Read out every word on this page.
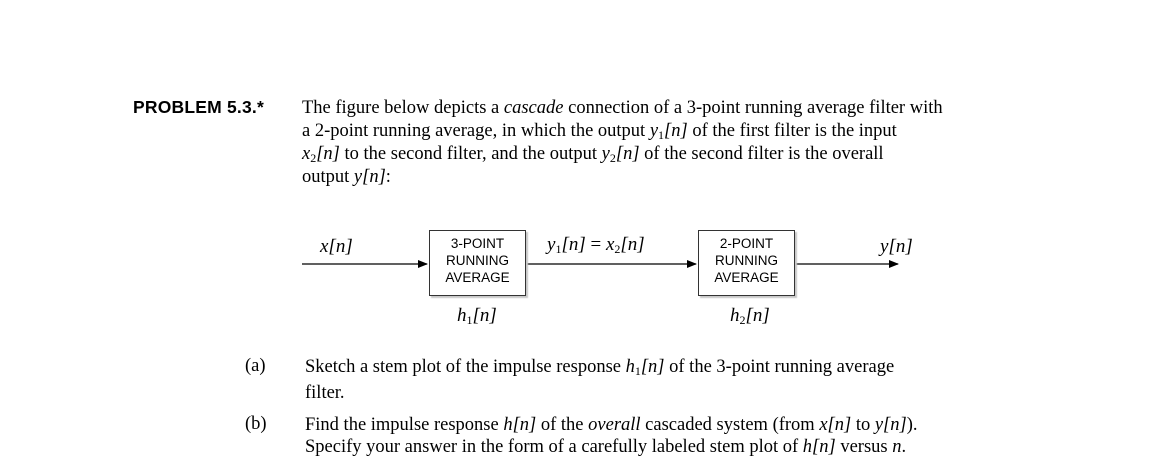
PROBLEM 5.3.* The figure below depicts a cascade connection of a 3-point running average filter with
a 2-point running average, in which the output $y_1[n]$ of the first filter is the input
$x_2[n]$ to the second filter, and the output $y_2[n]$ of the second filter is the overall
output y[n]:
x[n]	3-POINT
RUNNING
AVERAGE
$h_1[n]$
$y_1[n] = x_2[n]$	2-POINT
RUNNING
AVERAGE
$h_2[n]$
y[n]
(a) Sketch a stem plot of the impulse response $h_1[n]$ of the 3-point running average
filter.
(b) Find the impulse response h[n] of the overall cascaded system (from x[n] to y[n]).
Specify your answer in the form of a carefully labeled stem plot of h[n] versus n.
